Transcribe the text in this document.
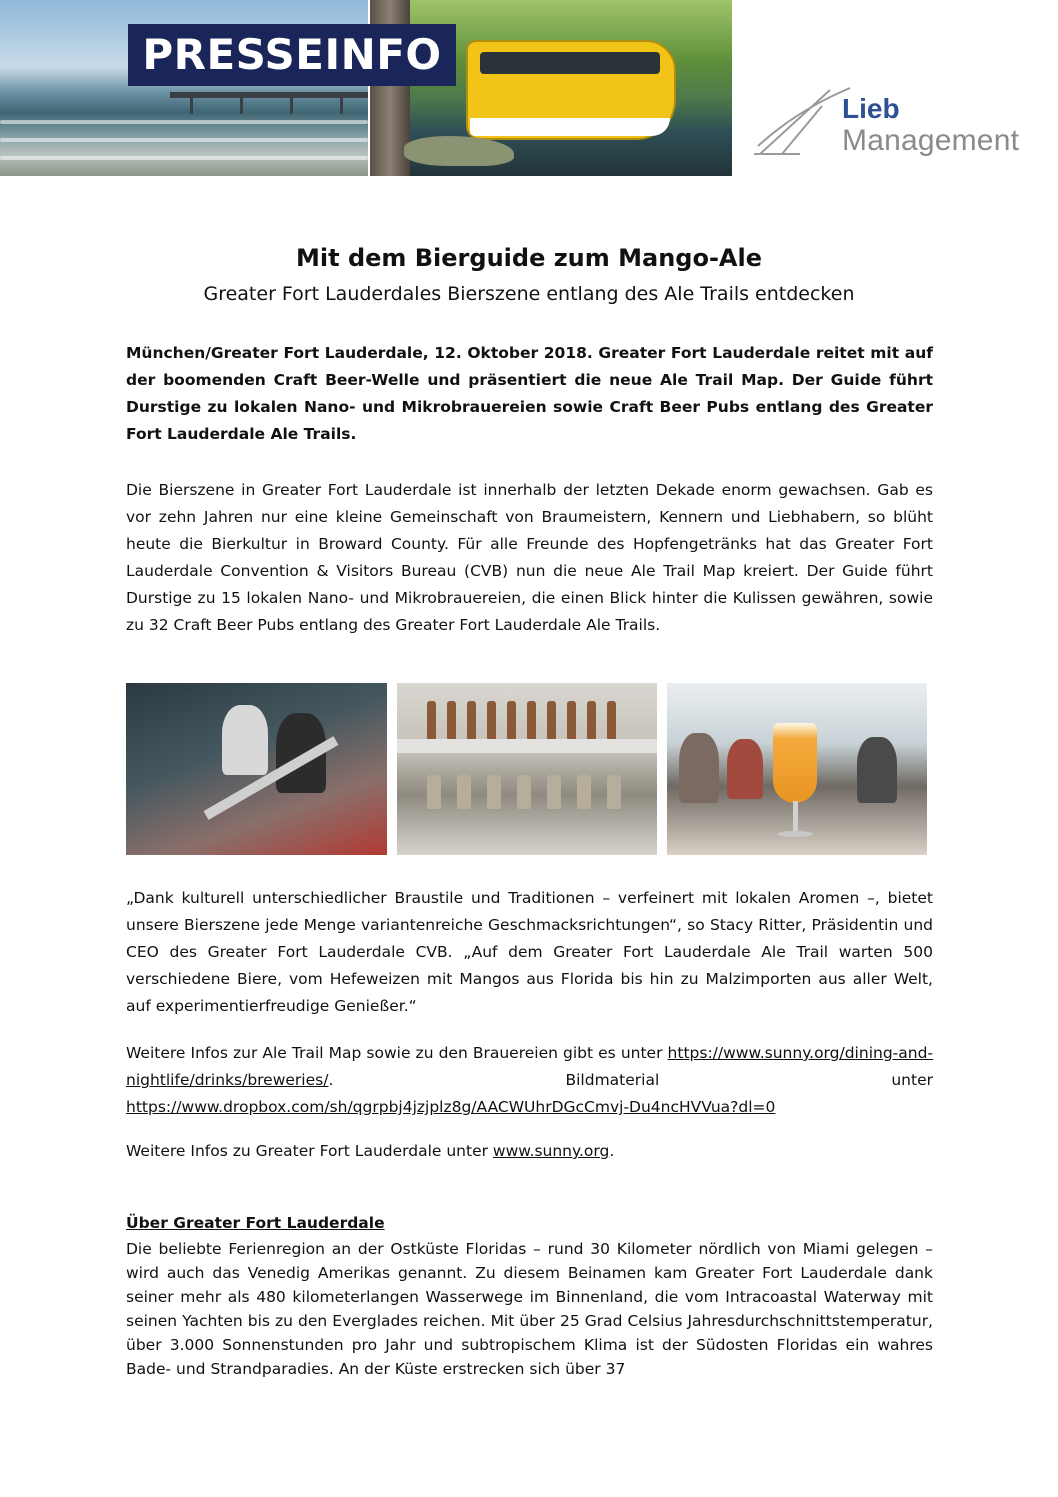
PRESSEINFO
Lieb
Management
Mit dem Bierguide zum Mango-Ale
Greater Fort Lauderdales Bierszene entlang des Ale Trails entdecken
München/Greater Fort Lauderdale, 12. Oktober 2018. Greater Fort Lauderdale reitet mit auf der boomenden Craft Beer-Welle und präsentiert die neue Ale Trail Map. Der Guide führt Durstige zu lokalen Nano- und Mikrobrauereien sowie Craft Beer Pubs entlang des Greater Fort Lauderdale Ale Trails.
Die Bierszene in Greater Fort Lauderdale ist innerhalb der letzten Dekade enorm gewachsen. Gab es vor zehn Jahren nur eine kleine Gemeinschaft von Braumeistern, Kennern und Liebhabern, so blüht heute die Bierkultur in Broward County. Für alle Freunde des Hopfengetränks hat das Greater Fort Lauderdale Convention & Visitors Bureau (CVB) nun die neue Ale Trail Map kreiert. Der Guide führt Durstige zu 15 lokalen Nano- und Mikrobrauereien, die einen Blick hinter die Kulissen gewähren, sowie zu 32 Craft Beer Pubs entlang des Greater Fort Lauderdale Ale Trails.
„Dank kulturell unterschiedlicher Braustile und Traditionen – verfeinert mit lokalen Aromen –, bietet unsere Bierszene jede Menge variantenreiche Geschmacksrichtungen“, so Stacy Ritter, Präsidentin und CEO des Greater Fort Lauderdale CVB. „Auf dem Greater Fort Lauderdale Ale Trail warten 500 verschiedene Biere, vom Hefeweizen mit Mangos aus Florida bis hin zu Malzimporten aus aller Welt, auf experimentierfreudige Genießer.“
Weitere Infos zur Ale Trail Map sowie zu den Brauereien gibt es unter https://www.sunny.org/dining-and-nightlife/drinks/breweries/.	Bildmaterial unter https://www.dropbox.com/sh/qgrpbj4jzjplz8g/AACWUhrDGcCmvj-Du4ncHVVua?dl=0
Weitere Infos zu Greater Fort Lauderdale unter www.sunny.org.
Über Greater Fort Lauderdale
Die beliebte Ferienregion an der Ostküste Floridas – rund 30 Kilometer nördlich von Miami gelegen – wird auch das Venedig Amerikas genannt. Zu diesem Beinamen kam Greater Fort Lauderdale dank seiner mehr als 480 kilometerlangen Wasserwege im Binnenland, die vom Intracoastal Waterway mit seinen Yachten bis zu den Everglades reichen. Mit über 25 Grad Celsius Jahresdurchschnittstemperatur, über 3.000 Sonnenstunden pro Jahr und subtropischem Klima ist der Südosten Floridas ein wahres Bade- und Strandparadies. An der Küste erstrecken sich über 37
